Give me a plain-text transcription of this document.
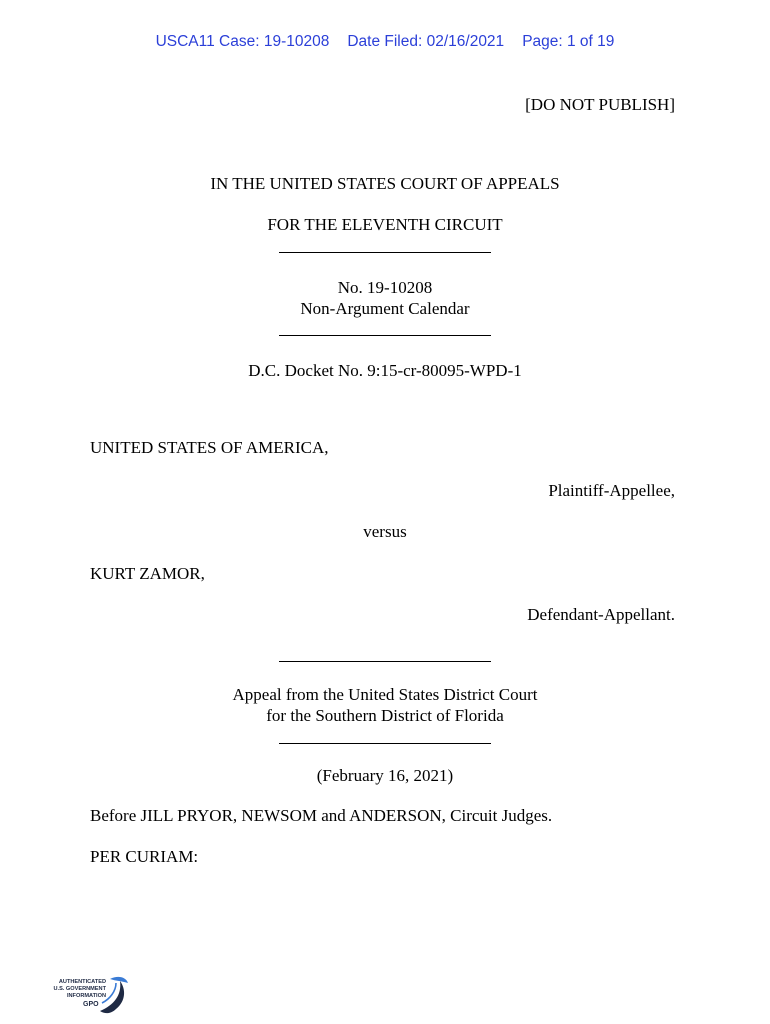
USCA11 Case: 19-10208 Date Filed: 02/16/2021 Page: 1 of 19
[DO NOT PUBLISH]
IN THE UNITED STATES COURT OF APPEALS
FOR THE ELEVENTH CIRCUIT
No. 19-10208
Non-Argument Calendar
D.C. Docket No. 9:15-cr-80095-WPD-1
UNITED STATES OF AMERICA,
Plaintiff-Appellee,
versus
KURT ZAMOR,
Defendant-Appellant.
Appeal from the United States District Court
for the Southern District of Florida
(February 16, 2021)
Before JILL PRYOR, NEWSOM and ANDERSON, Circuit Judges.
PER CURIAM:
AUTHENTICATED
U.S. GOVERNMENT
INFORMATION
GPO
